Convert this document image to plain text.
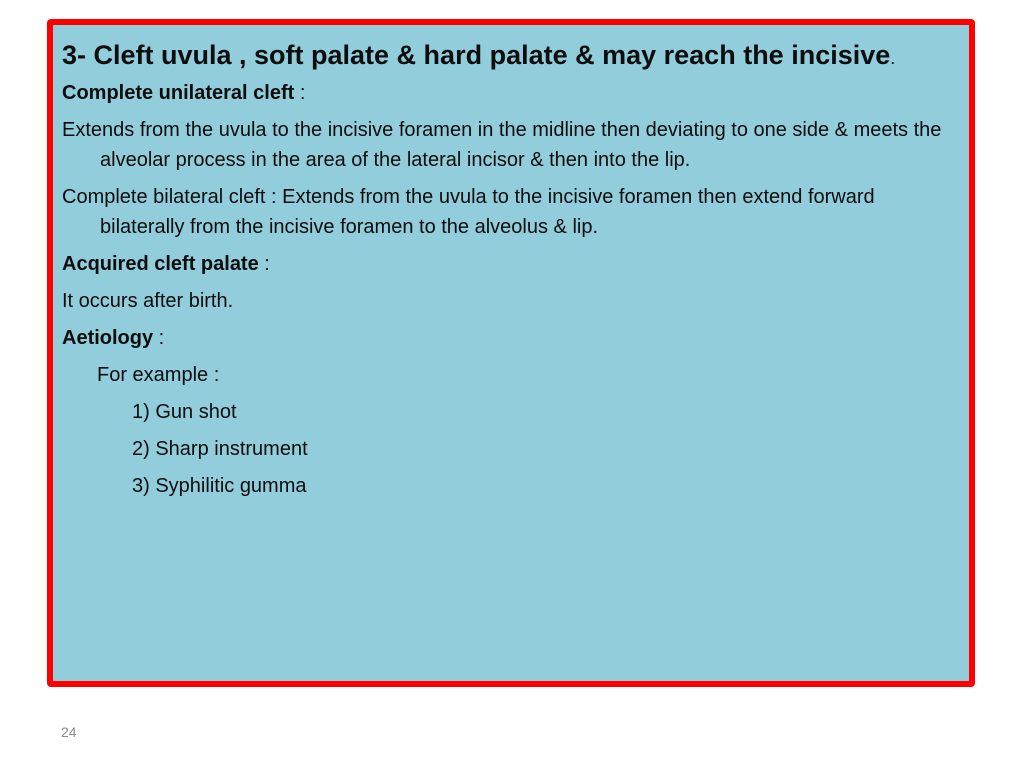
3- Cleft uvula , soft palate & hard palate & may reach the incisive.
Complete unilateral cleft :
Extends from the uvula to the incisive foramen in the midline then deviating to one side & meets the alveolar process in the area of the lateral incisor & then into the lip.
Complete bilateral cleft : Extends from the uvula to the incisive foramen then extend forward bilaterally from the incisive foramen to the alveolus & lip.
Acquired cleft palate :
It occurs after birth.
Aetiology :
For example :
1) Gun shot
2) Sharp instrument
3) Syphilitic gumma
24
